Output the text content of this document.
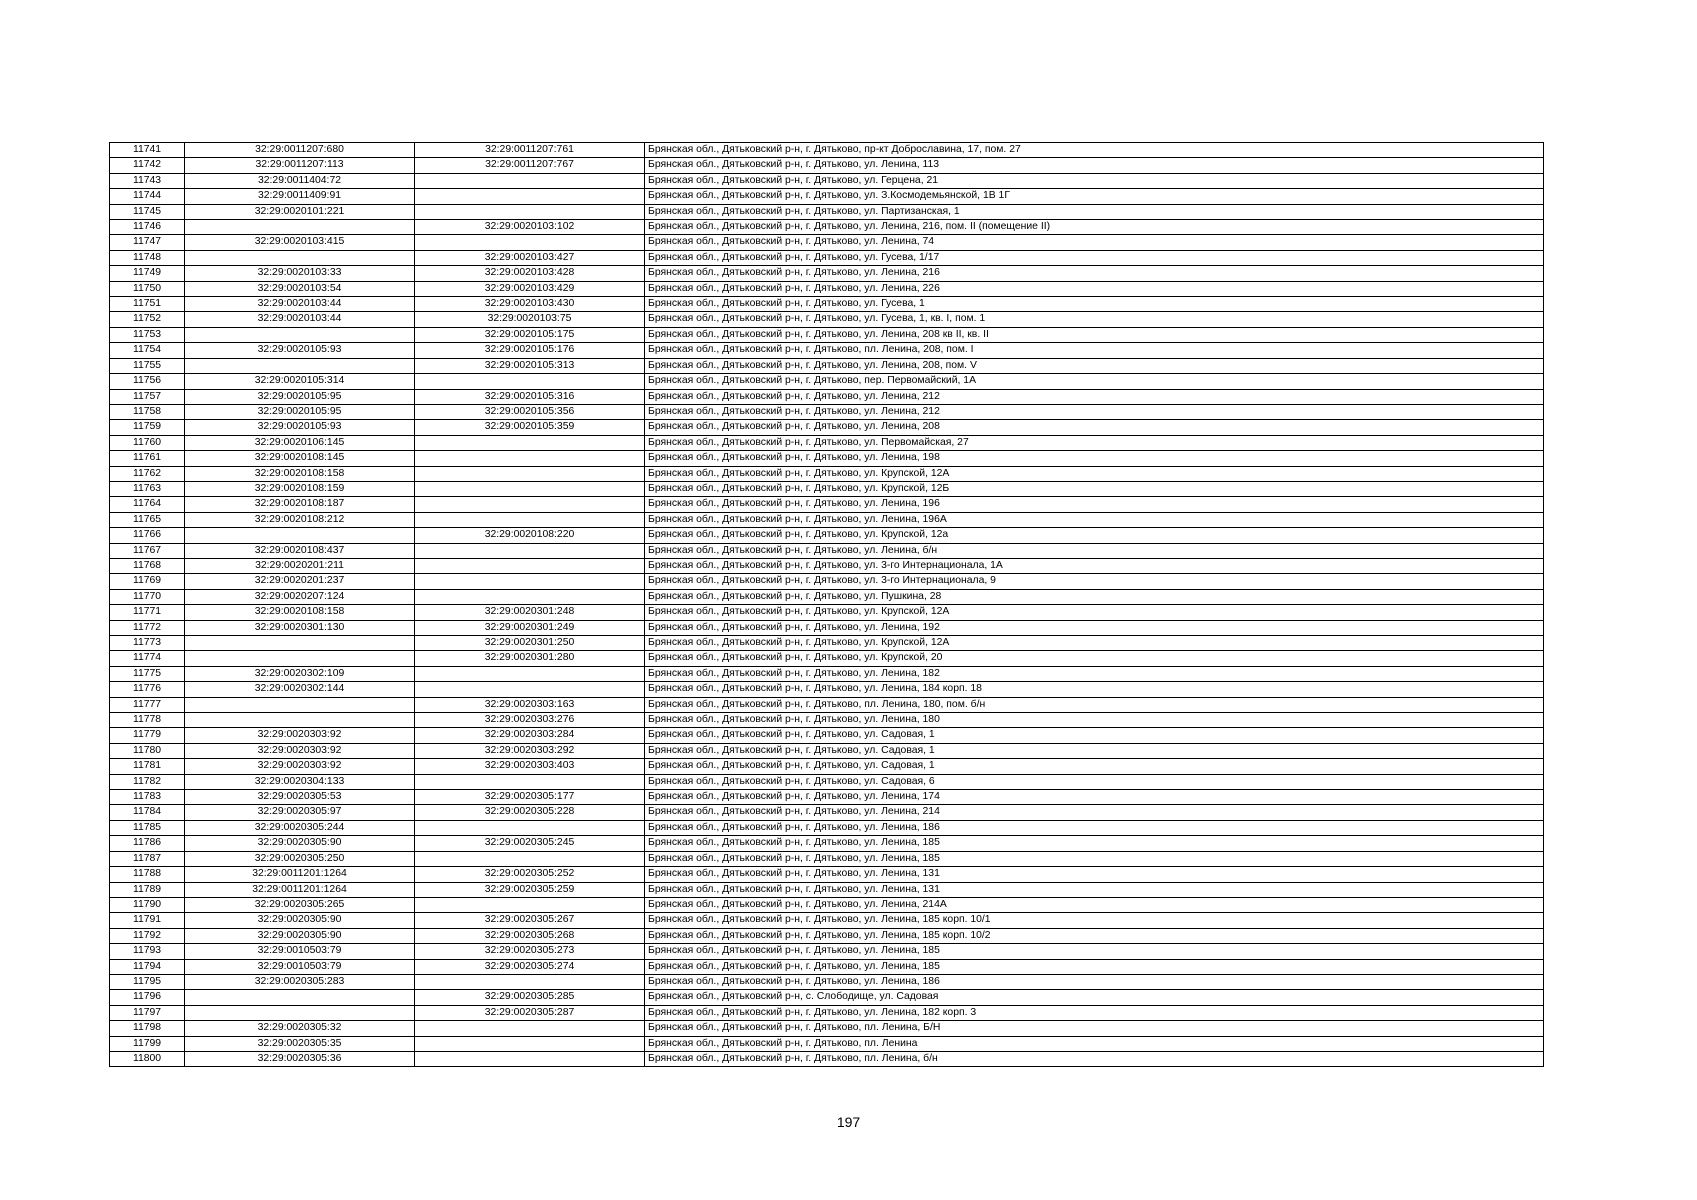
11741	32:29:0011207:680	32:29:0011207:761	Брянская обл., Дятьковский р-н, г. Дятьково, пр-кт Доброславина, 17, пом. 27
11742	32:29:0011207:113	32:29:0011207:767	Брянская обл., Дятьковский р-н, г. Дятьково, ул. Ленина, 113
11743	32:29:0011404:72		Брянская обл., Дятьковский р-н, г. Дятьково, ул. Герцена, 21
11744	32:29:0011409:91		Брянская обл., Дятьковский р-н, г. Дятьково, ул. З.Космодемьянской, 1В 1Г
11745	32:29:0020101:221		Брянская обл., Дятьковский р-н, г. Дятьково, ул. Партизанская, 1
11746		32:29:0020103:102	Брянская обл., Дятьковский р-н, г. Дятьково, ул. Ленина, 216, пом. II (помещение II)
11747	32:29:0020103:415		Брянская обл., Дятьковский р-н, г. Дятьково, ул. Ленина, 74
11748		32:29:0020103:427	Брянская обл., Дятьковский р-н, г. Дятьково, ул. Гусева, 1/17
11749	32:29:0020103:33	32:29:0020103:428	Брянская обл., Дятьковский р-н, г. Дятьково, ул. Ленина, 216
11750	32:29:0020103:54	32:29:0020103:429	Брянская обл., Дятьковский р-н, г. Дятьково, ул. Ленина, 226
11751	32:29:0020103:44	32:29:0020103:430	Брянская обл., Дятьковский р-н, г. Дятьково, ул. Гусева, 1
11752	32:29:0020103:44	32:29:0020103:75	Брянская обл., Дятьковский р-н, г. Дятьково, ул. Гусева, 1, кв. I, пом. 1
11753		32:29:0020105:175	Брянская обл., Дятьковский р-н, г. Дятьково, ул. Ленина, 208 кв II, кв. II
11754	32:29:0020105:93	32:29:0020105:176	Брянская обл., Дятьковский р-н, г. Дятьково, пл. Ленина, 208, пом. I
11755		32:29:0020105:313	Брянская обл., Дятьковский р-н, г. Дятьково, ул. Ленина, 208, пом. V
11756	32:29:0020105:314		Брянская обл., Дятьковский р-н, г. Дятьково, пер. Первомайский, 1А
11757	32:29:0020105:95	32:29:0020105:316	Брянская обл., Дятьковский р-н, г. Дятьково, ул. Ленина, 212
11758	32:29:0020105:95	32:29:0020105:356	Брянская обл., Дятьковский р-н, г. Дятьково, ул. Ленина, 212
11759	32:29:0020105:93	32:29:0020105:359	Брянская обл., Дятьковский р-н, г. Дятьково, ул. Ленина, 208
11760	32:29:0020106:145		Брянская обл., Дятьковский р-н, г. Дятьково, ул. Первомайская, 27
11761	32:29:0020108:145		Брянская обл., Дятьковский р-н, г. Дятьково, ул. Ленина, 198
11762	32:29:0020108:158		Брянская обл., Дятьковский р-н, г. Дятьково, ул. Крупской, 12А
11763	32:29:0020108:159		Брянская обл., Дятьковский р-н, г. Дятьково, ул. Крупской, 12Б
11764	32:29:0020108:187		Брянская обл., Дятьковский р-н, г. Дятьково, ул. Ленина, 196
11765	32:29:0020108:212		Брянская обл., Дятьковский р-н, г. Дятьково, ул. Ленина, 196А
11766		32:29:0020108:220	Брянская обл., Дятьковский р-н, г. Дятьково, ул. Крупской, 12а
11767	32:29:0020108:437		Брянская обл., Дятьковский р-н, г. Дятьково, ул. Ленина, б/н
11768	32:29:0020201:211		Брянская обл., Дятьковский р-н, г. Дятьково, ул. 3-го Интернационала, 1А
11769	32:29:0020201:237		Брянская обл., Дятьковский р-н, г. Дятьково, ул. 3-го Интернационала, 9
11770	32:29:0020207:124		Брянская обл., Дятьковский р-н, г. Дятьково, ул. Пушкина, 28
11771	32:29:0020108:158	32:29:0020301:248	Брянская обл., Дятьковский р-н, г. Дятьково, ул. Крупской, 12А
11772	32:29:0020301:130	32:29:0020301:249	Брянская обл., Дятьковский р-н, г. Дятьково, ул. Ленина, 192
11773		32:29:0020301:250	Брянская обл., Дятьковский р-н, г. Дятьково, ул. Крупской, 12А
11774		32:29:0020301:280	Брянская обл., Дятьковский р-н, г. Дятьково, ул. Крупской, 20
11775	32:29:0020302:109		Брянская обл., Дятьковский р-н, г. Дятьково, ул. Ленина, 182
11776	32:29:0020302:144		Брянская обл., Дятьковский р-н, г. Дятьково, ул. Ленина, 184 корп. 18
11777		32:29:0020303:163	Брянская обл., Дятьковский р-н, г. Дятьково, пл. Ленина, 180, пом. б/н
11778		32:29:0020303:276	Брянская обл., Дятьковский р-н, г. Дятьково, ул. Ленина, 180
11779	32:29:0020303:92	32:29:0020303:284	Брянская обл., Дятьковский р-н, г. Дятьково, ул. Садовая, 1
11780	32:29:0020303:92	32:29:0020303:292	Брянская обл., Дятьковский р-н, г. Дятьково, ул. Садовая, 1
11781	32:29:0020303:92	32:29:0020303:403	Брянская обл., Дятьковский р-н, г. Дятьково, ул. Садовая, 1
11782	32:29:0020304:133		Брянская обл., Дятьковский р-н, г. Дятьково, ул. Садовая, 6
11783	32:29:0020305:53	32:29:0020305:177	Брянская обл., Дятьковский р-н, г. Дятьково, ул. Ленина, 174
11784	32:29:0020305:97	32:29:0020305:228	Брянская обл., Дятьковский р-н, г. Дятьково, ул. Ленина, 214
11785	32:29:0020305:244		Брянская обл., Дятьковский р-н, г. Дятьково, ул. Ленина, 186
11786	32:29:0020305:90	32:29:0020305:245	Брянская обл., Дятьковский р-н, г. Дятьково, ул. Ленина, 185
11787	32:29:0020305:250		Брянская обл., Дятьковский р-н, г. Дятьково, ул. Ленина, 185
11788	32:29:0011201:1264	32:29:0020305:252	Брянская обл., Дятьковский р-н, г. Дятьково, ул. Ленина, 131
11789	32:29:0011201:1264	32:29:0020305:259	Брянская обл., Дятьковский р-н, г. Дятьково, ул. Ленина, 131
11790	32:29:0020305:265		Брянская обл., Дятьковский р-н, г. Дятьково, ул. Ленина, 214А
11791	32:29:0020305:90	32:29:0020305:267	Брянская обл., Дятьковский р-н, г. Дятьково, ул. Ленина, 185 корп. 10/1
11792	32:29:0020305:90	32:29:0020305:268	Брянская обл., Дятьковский р-н, г. Дятьково, ул. Ленина, 185 корп. 10/2
11793	32:29:0010503:79	32:29:0020305:273	Брянская обл., Дятьковский р-н, г. Дятьково, ул. Ленина, 185
11794	32:29:0010503:79	32:29:0020305:274	Брянская обл., Дятьковский р-н, г. Дятьково, ул. Ленина, 185
11795	32:29:0020305:283		Брянская обл., Дятьковский р-н, г. Дятьково, ул. Ленина, 186
11796		32:29:0020305:285	Брянская обл., Дятьковский р-н, с. Слободище, ул. Садовая
11797		32:29:0020305:287	Брянская обл., Дятьковский р-н, г. Дятьково, ул. Ленина, 182 корп. 3
11798	32:29:0020305:32		Брянская обл., Дятьковский р-н, г. Дятьково, пл. Ленина, Б/Н
11799	32:29:0020305:35		Брянская обл., Дятьковский р-н, г. Дятьково, пл. Ленина
11800	32:29:0020305:36		Брянская обл., Дятьковский р-н, г. Дятьково, пл. Ленина, б/н
197
